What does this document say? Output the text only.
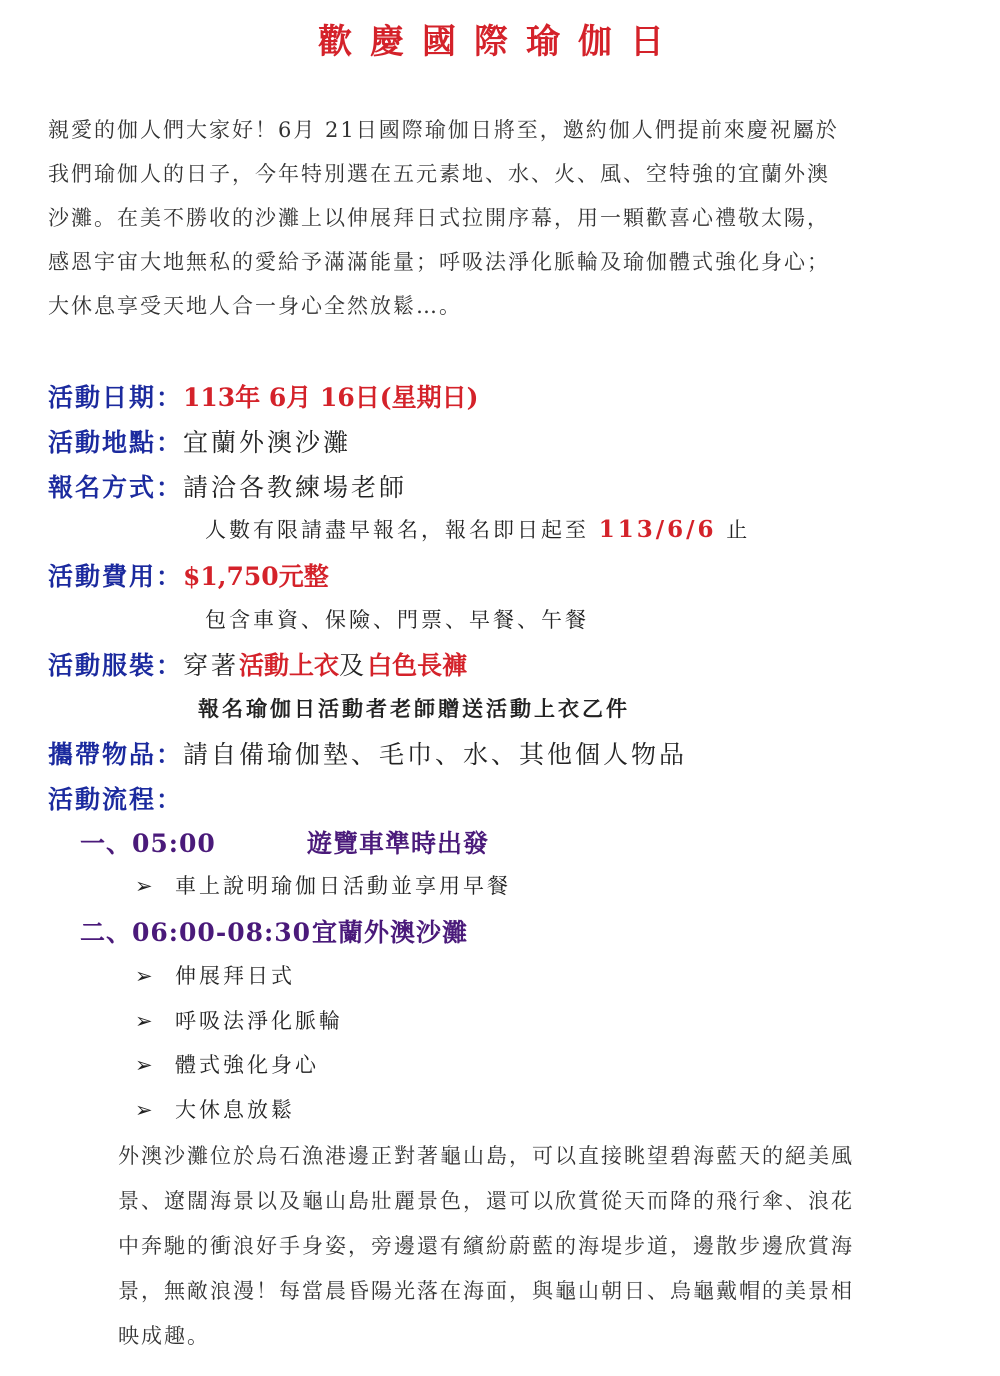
歡慶國際瑜伽日

親愛的伽人們大家好！6月 21日國際瑜伽日將至，邀約伽人們提前來慶祝屬於

我們瑜伽人的日子，今年特別選在五元素地、水、火、風、空特強的宜蘭外澳

沙灘。在美不勝收的沙灘上以伸展拜日式拉開序幕，用一顆歡喜心禮敬太陽，

感恩宇宙大地無私的愛給予滿滿能量；呼吸法淨化脈輪及瑜伽體式強化身心；

大休息享受天地人合一身心全然放鬆…。

活動日期：113年 6月 16日(星期日)
活動地點：宜蘭外澳沙灘
報名方式：請洽各教練場老師
人數有限請盡早報名，報名即日起至 113/6/6 止
活動費用：$1,750元整
包含車資、保險、門票、早餐、午餐
活動服裝：穿著活動上衣及白色長褲
報名瑜伽日活動者老師贈送活動上衣乙件
攜帶物品：請自備瑜伽墊、毛巾、水、其他個人物品
活動流程：
一、05:00	遊覽車準時出發
➢ 車上說明瑜伽日活動並享用早餐
二、06:00-08:30宜蘭外澳沙灘
➢ 伸展拜日式
➢ 呼吸法淨化脈輪
➢ 體式強化身心
➢ 大休息放鬆

外澳沙灘位於烏石漁港邊正對著龜山島，可以直接眺望碧海藍天的絕美風

景、遼闊海景以及龜山島壯麗景色，還可以欣賞從天而降的飛行傘、浪花

中奔馳的衝浪好手身姿，旁邊還有繽紛蔚藍的海堤步道，邊散步邊欣賞海

景，無敵浪漫！每當晨昏陽光落在海面，與龜山朝日、烏龜戴帽的美景相

映成趣。
